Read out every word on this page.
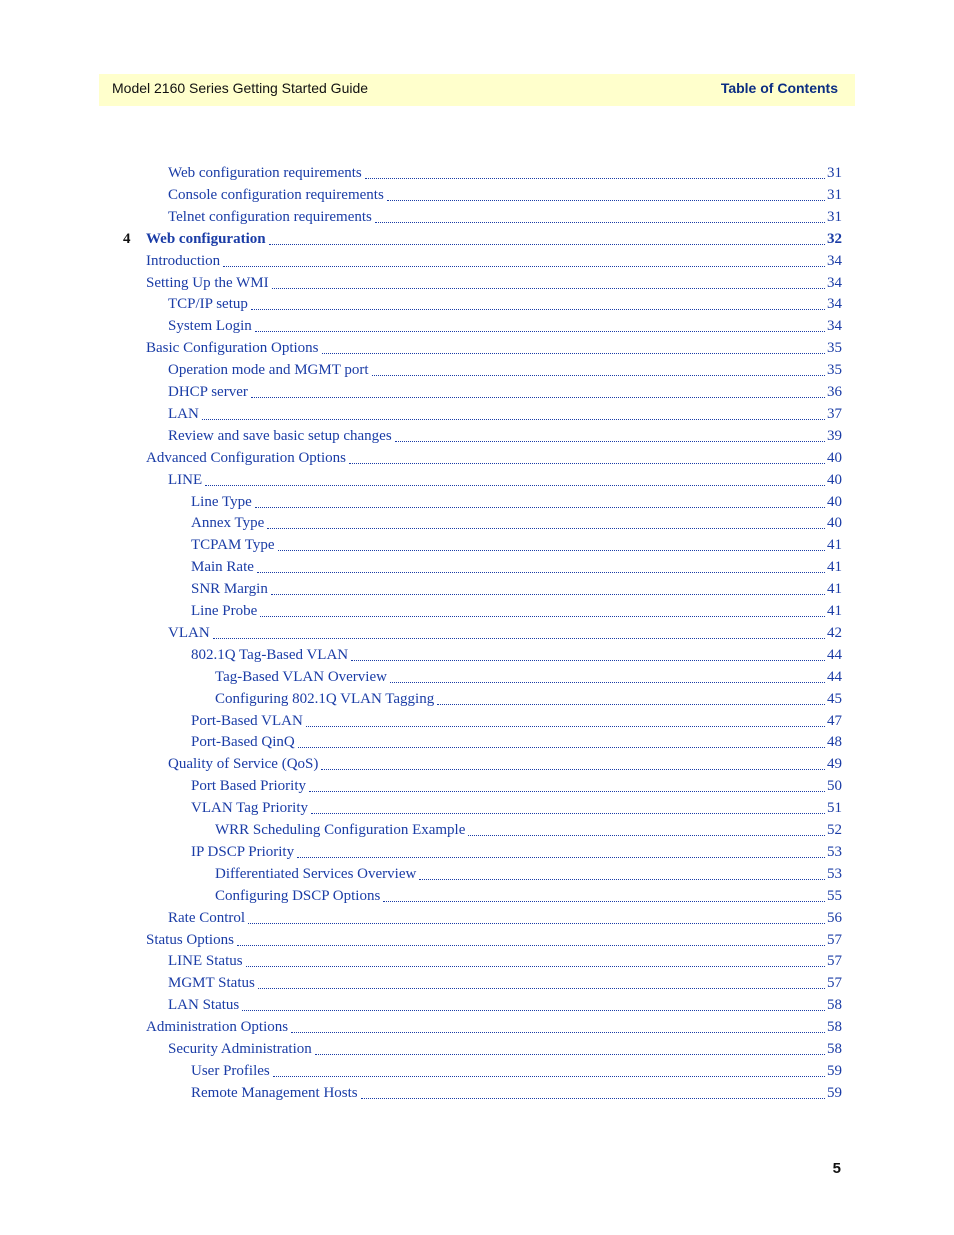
Model 2160 Series Getting Started Guide	Table of Contents
Web configuration requirements	31
Console configuration requirements	31
Telnet configuration requirements	31
4 Web configuration	32
Introduction	34
Setting Up the WMI	34
TCP/IP setup	34
System Login	34
Basic Configuration Options	35
Operation mode and MGMT port	35
DHCP server	36
LAN	37
Review and save basic setup changes	39
Advanced Configuration Options	40
LINE	40
Line Type	40
Annex Type	40
TCPAM Type	41
Main Rate	41
SNR Margin	41
Line Probe	41
VLAN	42
802.1Q Tag-Based VLAN	44
Tag-Based VLAN Overview	44
Configuring 802.1Q VLAN Tagging	45
Port-Based VLAN	47
Port-Based QinQ	48
Quality of Service (QoS)	49
Port Based Priority	50
VLAN Tag Priority	51
WRR Scheduling Configuration Example	52
IP DSCP Priority	53
Differentiated Services Overview	53
Configuring DSCP Options	55
Rate Control	56
Status Options	57
LINE Status	57
MGMT Status	57
LAN Status	58
Administration Options	58
Security Administration	58
User Profiles	59
Remote Management Hosts	59
5
